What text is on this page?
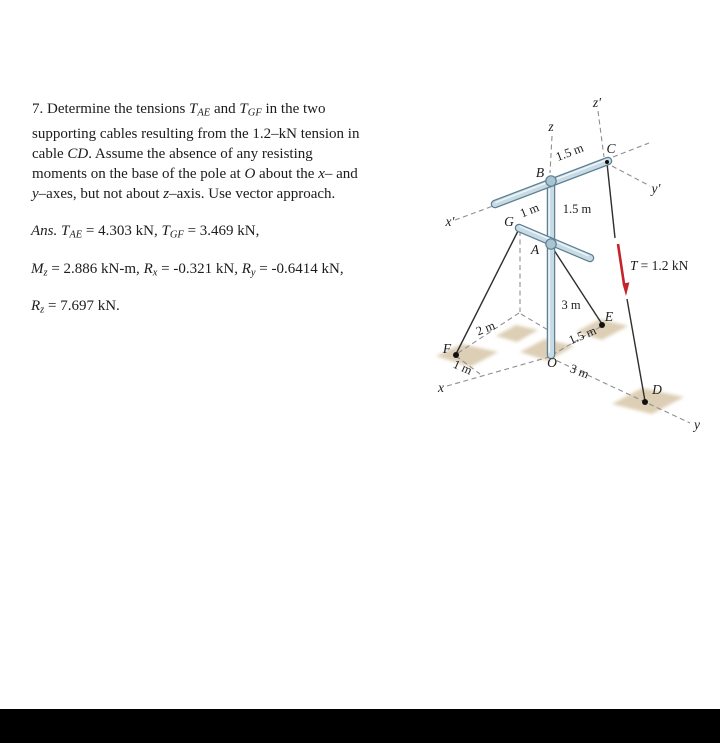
7. Determine the tensions TAE and TGF in the two
supporting cables resulting from the 1.2–kN tension in
cable CD. Assume the absence of any resisting
moments on the base of the pole at O about the x– and
y–axes, but not about z–axis. Use vector approach.
Ans. TAE = 4.303 kN, TGF = 3.469 kN,
Mz = 2.886 kN-m, Rx = -0.321 kN, Ry = -0.6414 kN,
Rz = 7.697 kN.
B
C
G
A
F
O
E
D
z
z′
x′
y′
x
y
1.5 m
1.5 m
1 m
3 m
1.5 m
3 m
2 m
1 m
T = 1.2 kN
